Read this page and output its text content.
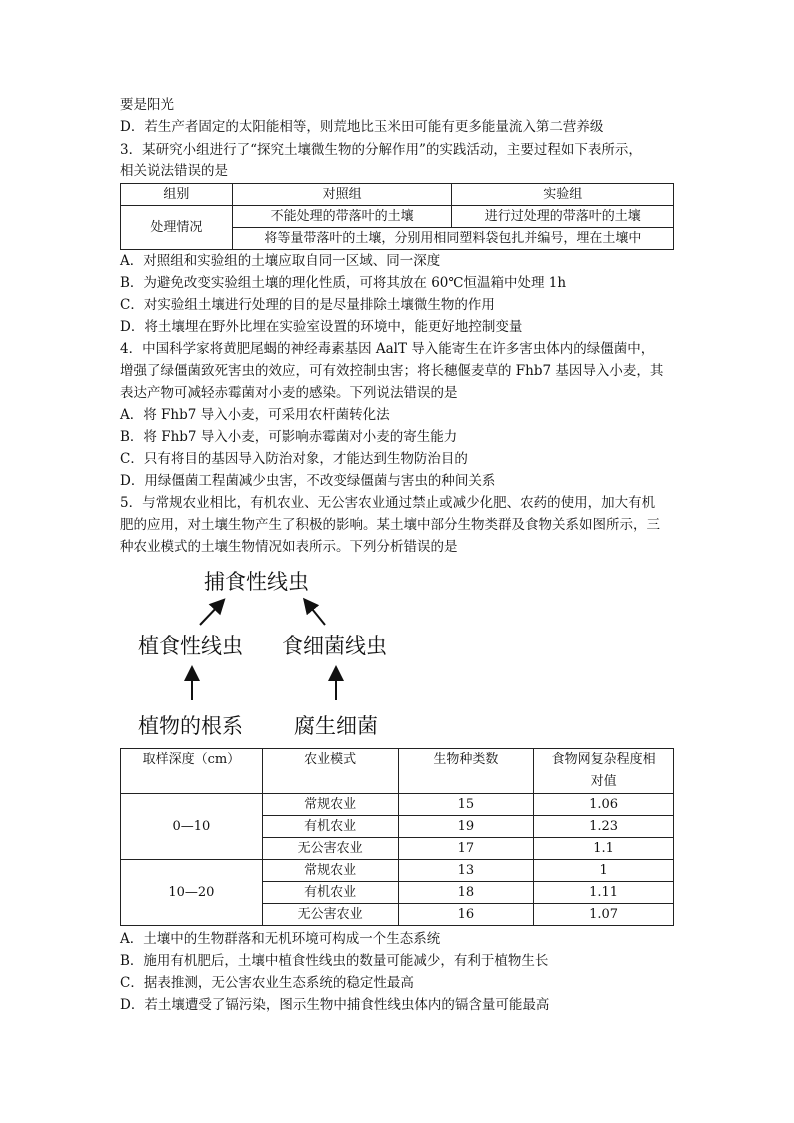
要是阳光
D．若生产者固定的太阳能相等，则荒地比玉米田可能有更多能量流入第二营养级
3．某研究小组进行了“探究土壤微生物的分解作用”的实践活动，主要过程如下表所示，
相关说法错误的是
组别	对照组	实验组
处理情况	不能处理的带落叶的土壤	进行过处理的带落叶的土壤
	将等量带落叶的土壤，分别用相同塑料袋包扎并编号，埋在土壤中	
A．对照组和实验组的土壤应取自同一区域、同一深度
B．为避免改变实验组土壤的理化性质，可将其放在 60℃恒温箱中处理 1h
C．对实验组土壤进行处理的目的是尽量排除土壤微生物的作用
D．将土壤埋在野外比埋在实验室设置的环境中，能更好地控制变量
4．中国科学家将黄肥尾蝎的神经毒素基因 AalT 导入能寄生在许多害虫体内的绿僵菌中，
增强了绿僵菌致死害虫的效应，可有效控制虫害；将长穗偃麦草的 Fhb7 基因导入小麦，其
表达产物可减轻赤霉菌对小麦的感染。下列说法错误的是
A．将 Fhb7 导入小麦，可采用农杆菌转化法
B．将 Fhb7 导入小麦，可影响赤霉菌对小麦的寄生能力
C．只有将目的基因导入防治对象，才能达到生物防治目的
D．用绿僵菌工程菌减少虫害，不改变绿僵菌与害虫的种间关系
5．与常规农业相比，有机农业、无公害农业通过禁止或减少化肥、农药的使用，加大有机
肥的应用，对土壤生物产生了积极的影响。某土壤中部分生物类群及食物关系如图所示，三
种农业模式的土壤生物情况如表所示。下列分析错误的是
捕食性线虫
植食性线虫 食细菌线虫
植物的根系 腐生细菌
取样深度（cm）	农业模式	生物种类数	食物网复杂程度相
对值
0—10	常规农业	15	1.06
	有机农业	19	1.23
	无公害农业	17	1.1
10—20	常规农业	13	1
	有机农业	18	1.11
	无公害农业	16	1.07
A．土壤中的生物群落和无机环境可构成一个生态系统
B．施用有机肥后，土壤中植食性线虫的数量可能减少，有利于植物生长
C．据表推测，无公害农业生态系统的稳定性最高
D．若土壤遭受了镉污染，图示生物中捕食性线虫体内的镉含量可能最高
